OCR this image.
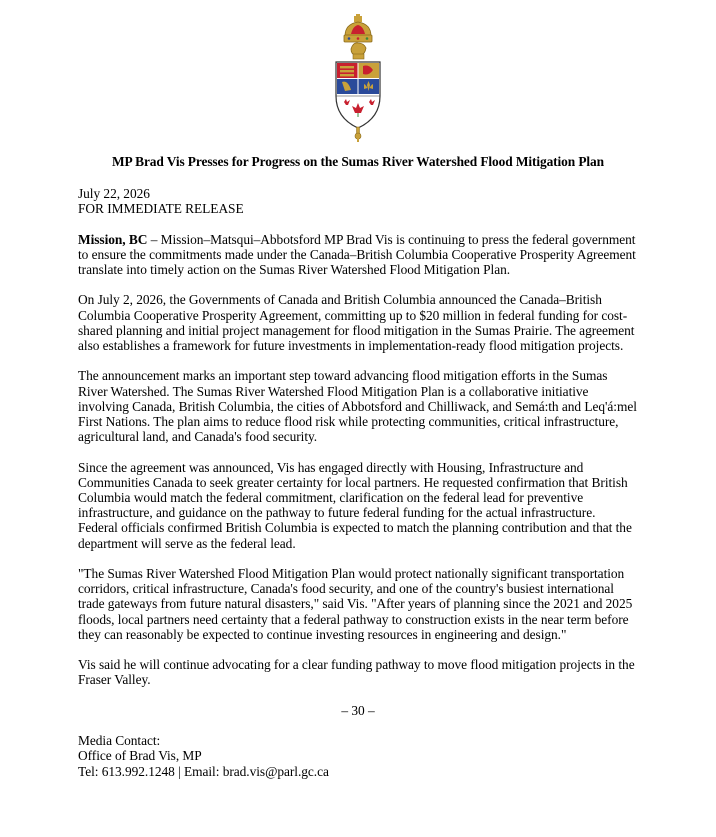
MP Brad Vis Presses for Progress on the Sumas River Watershed Flood Mitigation Plan
July 22, 2026
FOR IMMEDIATE RELEASE

Mission, BC – Mission–Matsqui–Abbotsford MP Brad Vis is continuing to press the federal government to ensure the commitments made under the Canada–British Columbia Cooperative Prosperity Agreement translate into timely action on the Sumas River Watershed Flood Mitigation Plan.

On July 2, 2026, the Governments of Canada and British Columbia announced the Canada–British Columbia Cooperative Prosperity Agreement, committing up to $20 million in federal funding for cost-shared planning and initial project management for flood mitigation in the Sumas Prairie. The agreement also establishes a framework for future investments in implementation-ready flood mitigation projects.

The announcement marks an important step toward advancing flood mitigation efforts in the Sumas River Watershed. The Sumas River Watershed Flood Mitigation Plan is a collaborative initiative involving Canada, British Columbia, the cities of Abbotsford and Chilliwack, and Semá:th and Leq'á:mel First Nations. The plan aims to reduce flood risk while protecting communities, critical infrastructure, agricultural land, and Canada's food security.

Since the agreement was announced, Vis has engaged directly with Housing, Infrastructure and Communities Canada to seek greater certainty for local partners. He requested confirmation that British Columbia would match the federal commitment, clarification on the federal lead for preventive infrastructure, and guidance on the pathway to future federal funding for the actual infrastructure. Federal officials confirmed British Columbia is expected to match the planning contribution and that the department will serve as the federal lead.

"The Sumas River Watershed Flood Mitigation Plan would protect nationally significant transportation corridors, critical infrastructure, Canada's food security, and one of the country's busiest international trade gateways from future natural disasters," said Vis. "After years of planning since the 2021 and 2025 floods, local partners need certainty that a federal pathway to construction exists in the near term before they can reasonably be expected to continue investing resources in engineering and design."

Vis said he will continue advocating for a clear funding pathway to move flood mitigation projects in the Fraser Valley.

– 30 –

Media Contact:
Office of Brad Vis, MP
Tel: 613.992.1248 | Email: brad.vis@parl.gc.ca
